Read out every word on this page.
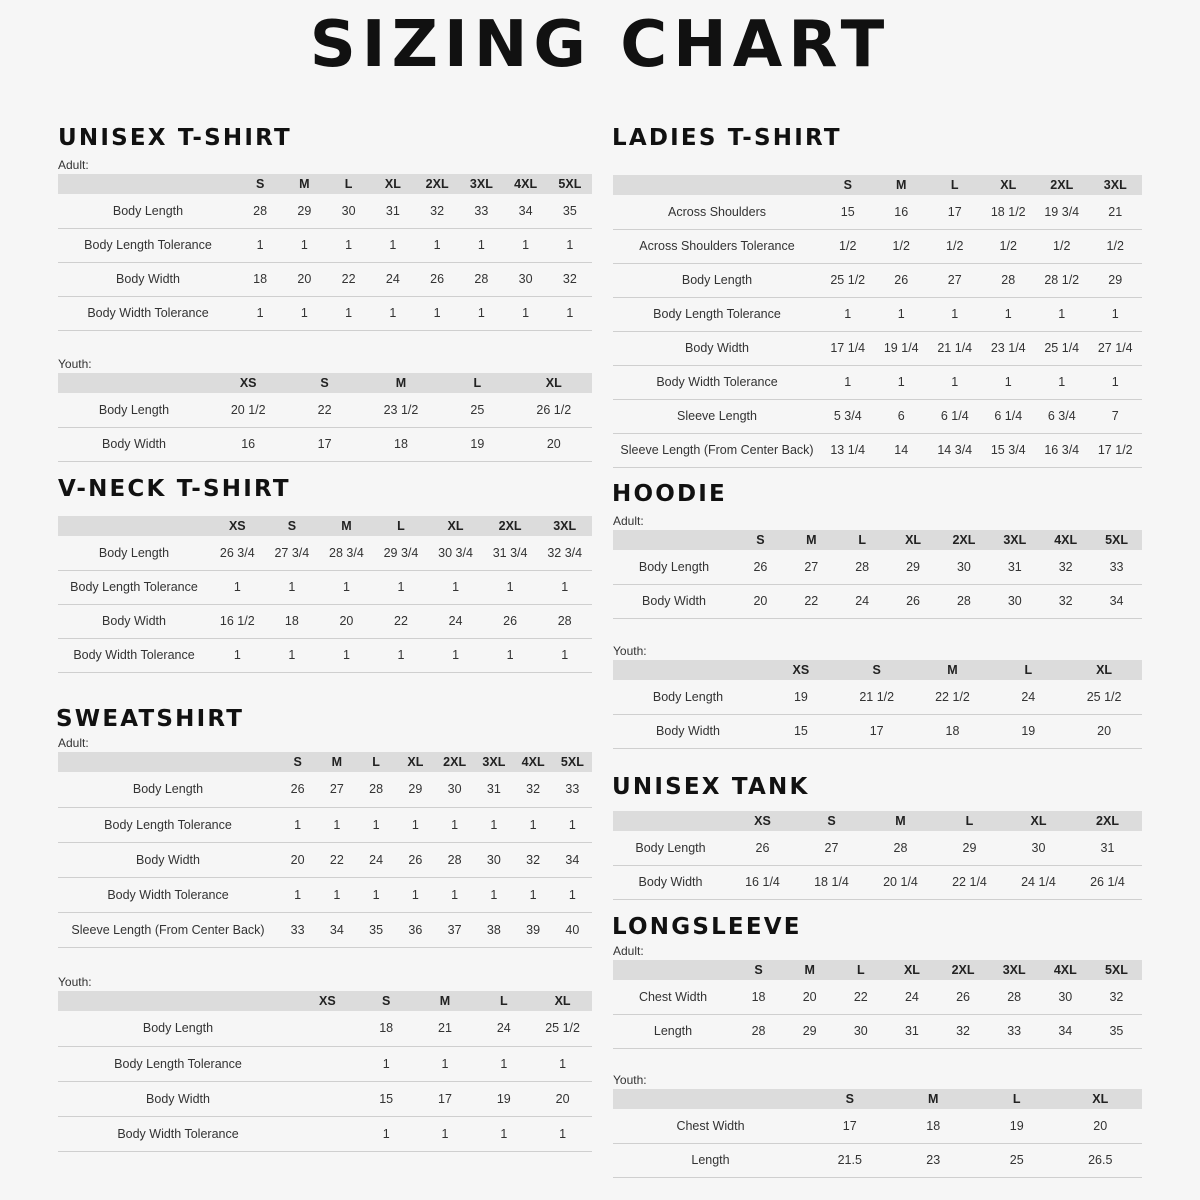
SIZING CHART
UNISEX T-SHIRT
Adult:
	S	M	L	XL	2XL	3XL	4XL	5XL
Body Length	28	29	30	31	32	33	34	35
Body Length Tolerance	1	1	1	1	1	1	1	1
Body Width	18	20	22	24	26	28	30	32
Body Width Tolerance	1	1	1	1	1	1	1	1
Youth:
	XS	S	M	L	XL
Body Length	20 1/2	22	23 1/2	25	26 1/2
Body Width	16	17	18	19	20
V-NECK T-SHIRT
	XS	S	M	L	XL	2XL	3XL
Body Length	26 3/4	27 3/4	28 3/4	29 3/4	30 3/4	31 3/4	32 3/4
Body Length Tolerance	1	1	1	1	1	1	1
Body Width	16 1/2	18	20	22	24	26	28
Body Width Tolerance	1	1	1	1	1	1	1
SWEATSHIRT
Adult:
	S	M	L	XL	2XL	3XL	4XL	5XL
Body Length	26	27	28	29	30	31	32	33
Body Length Tolerance	1	1	1	1	1	1	1	1
Body Width	20	22	24	26	28	30	32	34
Body Width Tolerance	1	1	1	1	1	1	1	1
Sleeve Length (From Center Back)	33	34	35	36	37	38	39	40
Youth:
	XS	S	M	L	XL
Body Length		18	21	24	25 1/2
Body Length Tolerance		1	1	1	1
Body Width		15	17	19	20
Body Width Tolerance		1	1	1	1
LADIES T-SHIRT
	S	M	L	XL	2XL	3XL
Across Shoulders	15	16	17	18 1/2	19 3/4	21
Across Shoulders Tolerance	1/2	1/2	1/2	1/2	1/2	1/2
Body Length	25 1/2	26	27	28	28 1/2	29
Body Length Tolerance	1	1	1	1	1	1
Body Width	17 1/4	19 1/4	21 1/4	23 1/4	25 1/4	27 1/4
Body Width Tolerance	1	1	1	1	1	1
Sleeve Length	5 3/4	6	6 1/4	6 1/4	6 3/4	7
Sleeve Length (From Center Back)	13 1/4	14	14 3/4	15 3/4	16 3/4	17 1/2
HOODIE
Adult:
	S	M	L	XL	2XL	3XL	4XL	5XL
Body Length	26	27	28	29	30	31	32	33
Body Width	20	22	24	26	28	30	32	34
Youth:
	XS	S	M	L	XL
Body Length	19	21 1/2	22 1/2	24	25 1/2
Body Width	15	17	18	19	20
UNISEX TANK
	XS	S	M	L	XL	2XL
Body Length	26	27	28	29	30	31
Body Width	16 1/4	18 1/4	20 1/4	22 1/4	24 1/4	26 1/4
LONGSLEEVE
Adult:
	S	M	L	XL	2XL	3XL	4XL	5XL
Chest Width	18	20	22	24	26	28	30	32
Length	28	29	30	31	32	33	34	35
Youth:
	S	M	L	XL
Chest Width	17	18	19	20
Length	21.5	23	25	26.5
